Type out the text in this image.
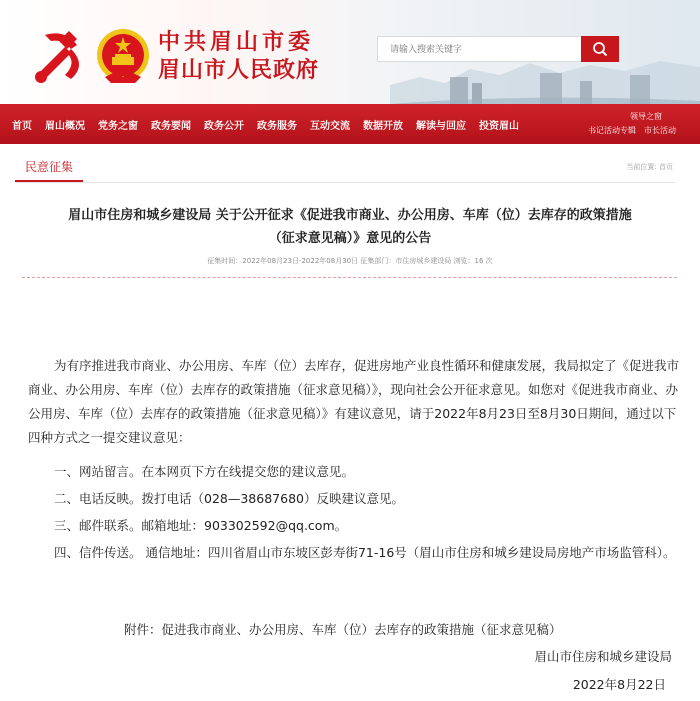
中共眉山市委
眉山市人民政府
请输入搜索关键字
首页 眉山概况 党务之窗 政务要闻 政务公开 政务服务 互动交流 数据开放 解读与回应 投资眉山
领导之窗
书记活动专辑 市长活动
民意征集	当前位置: 首页
眉山市住房和城乡建设局 关于公开征求《促进我市商业、办公用房、车库（位）去库存的政策措施
（征求意见稿）》意见的公告
征集时间：2022年08月23日-2022年08月30日 征集部门：市住房城乡建设局 浏览：16 次
为有序推进我市商业、办公用房、车库（位）去库存，促进房地产业良性循环和健康发展，我局拟定了《促进我市商业、办公用房、车库（位）去库存的政策措施（征求意见稿）》，现向社会公开征求意见。如您对《促进我市商业、办公用房、车库（位）去库存的政策措施（征求意见稿）》有建议意见，请于2022年8月23日至8月30日期间，通过以下四种方式之一提交建议意见：
一、网站留言。在本网页下方在线提交您的建议意见。
二、电话反映。拨打电话（028—38687680）反映建议意见。
三、邮件联系。邮箱地址：903302592@qq.com。
四、信件传送。 通信地址：四川省眉山市东坡区彭寿街71-16号（眉山市住房和城乡建设局房地产市场监管科）。
附件：促进我市商业、办公用房、车库（位）去库存的政策措施（征求意见稿）
眉山市住房和城乡建设局
2022年8月22日
